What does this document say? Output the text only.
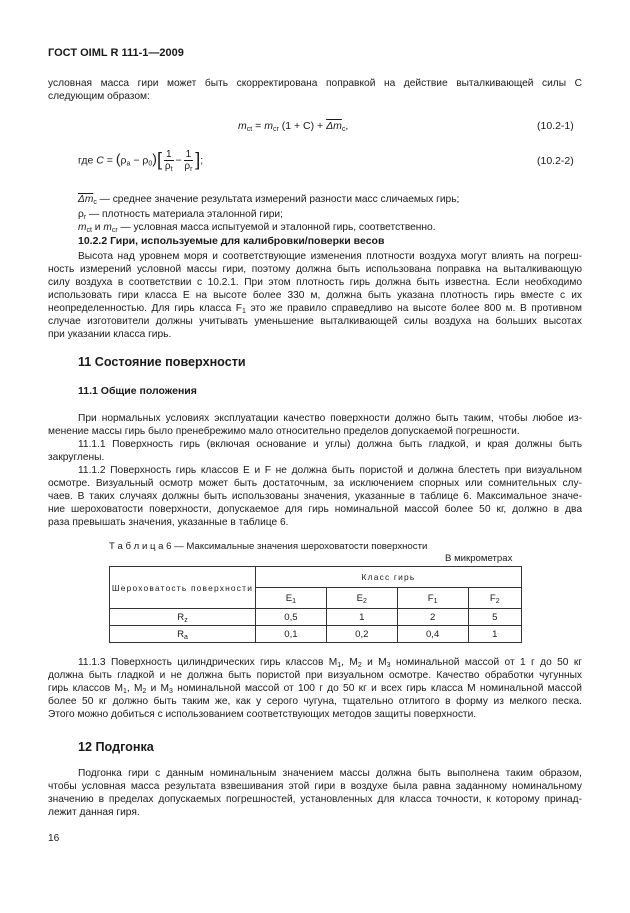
ГОСТ OIML R 111-1—2009
условная масса гири может быть скорректирована поправкой на действие выталкивающей силы С
следующим образом:
$m_{ct} = m_{cr}$ $(1 + C) + \overline{\Delta m}_c$,	(10.2-1)
где $C = (\rho_a - \rho_0)[ \frac{1}{\rho_t} - \frac{1}{\rho_r}$ ];	(10.2-2)
$\overline{\Delta m}_c$ — среднее значение результата измерений разности масс сличаемых гирь;
$\rho_r$ — плотность материала эталонной гири;
$m_{ct}$ и $m_{cr}$ — условная масса испытуемой и эталонной гирь, соответственно.
10.2.2 Гири, используемые для калибровки/поверки весов
Высота над уровнем моря и соответствующие изменения плотности воздуха могут влиять на погреш-
ность измерений условной массы гири, поэтому должна быть использована поправка на выталкивающую
силу воздуха в соответствии с 10.2.1. При этом плотность гирь должна быть известна. Если необходимо
использовать гири класса Е на высоте более 330 м, должна быть указана плотность гирь вместе с их
неопределенностью. Для гирь класса $F_1$ это же правило справедливо на высоте более 800 м. В противном
случае изготовители должны учитывать уменьшение выталкивающей силы воздуха на больших высотах
при указании класса гирь.
11 Состояние поверхности
11.1 Общие положения
При нормальных условиях эксплуатации качество поверхности должно быть таким, чтобы любое из-
менение массы гирь было пренебрежимо мало относительно пределов допускаемой погрешности.
11.1.1 Поверхность гирь (включая основание и углы) должна быть гладкой, и края должны быть
закруглены.
11.1.2 Поверхность гирь классов Е и F не должна быть пористой и должна блестеть при визуальном
осмотре. Визуальный осмотр может быть достаточным, за исключением спорных или сомнительных слу-
чаев. В таких случаях должны быть использованы значения, указанные в таблице 6. Максимальное значе-
ние шероховатости поверхности, допускаемое для гирь номинальной массой более 50 кг, должно в два
раза превышать значения, указанные в таблице 6.
Т а б л и ц а 6 — Максимальные значения шероховатости поверхности
В микрометрах
Шероховатость поверхности	Класс гирь			
	$E_1$	$E_2$	$F_1$	$F_2$
$R_z$	0,5	1	2	5
$R_a$	0,1	0,2	0,4	1
11.1.3 Поверхность цилиндрических гирь классов $M_1$, $M_2$ и $M_3$ номинальной массой от 1 г до 50 кг
должна быть гладкой и не должна быть пористой при визуальном осмотре. Качество обработки чугунных
гирь классов $M_1$, $M_2$ и $M_3$ номинальной массой от 100 г до 50 кг и всех гирь класса M номинальной массой
более 50 кг должно быть таким же, как у серого чугуна, тщательно отлитого в форму из мелкого песка.
Этого можно добиться с использованием соответствующих методов защиты поверхности.
12 Подгонка
Подгонка гири с данным номинальным значением массы должна быть выполнена таким образом,
чтобы условная масса результата взвешивания этой гири в воздухе была равна заданному номинальному
значению в пределах допускаемых погрешностей, установленных для класса точности, к которому принад-
лежит данная гиря.
16
